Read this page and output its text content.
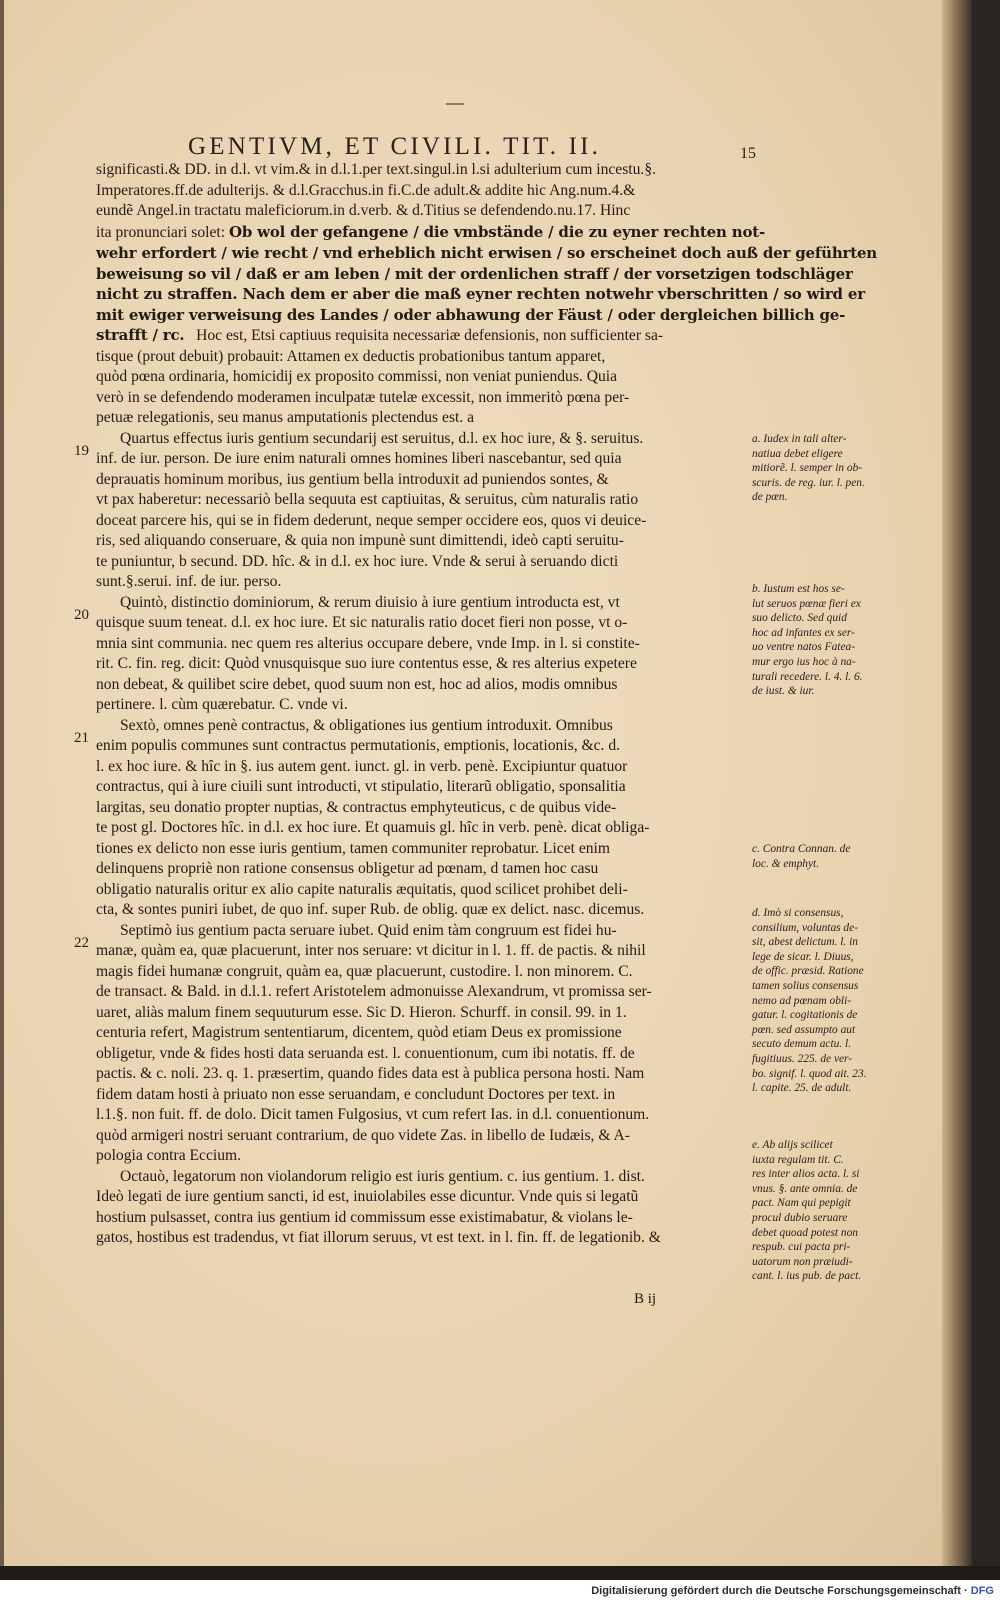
GENTIVM, ET CIVILI. TIT. II.	15
significasti.& DD. in d.l. vt vim.& in d.l.1.per text.singul.in l.si adulterium cum incestu.§.
Imperatores.ff.de adulterijs. & d.l.Gracchus.in fi.C.de adult.& addite hic Ang.num.4.&
eundẽ Angel.in tractatu maleficiorum.in d.verb. & d.Titius se defendendo.nu.17. Hinc
ita pronunciari solet: Ob wol der gefangene / die vmbstände / die zu eyner rechten not-
wehr erfordert / wie recht / vnd erheblich nicht erwisen / so erscheinet doch auß der geführten
beweisung so vil / daß er am leben / mit der ordenlichen straff / der vorsetzigen todschläger
nicht zu straffen. Nach dem er aber die maß eyner rechten notwehr vberschritten / so wird er
mit ewiger verweisung des Landes / oder abhawung der Fäust / oder dergleichen billich ge-
strafft / rc. Hoc est, Etsi captiuus requisita necessariæ defensionis, non sufficienter sa-
tisque (prout debuit) probauit: Attamen ex deductis probationibus tantum apparet,
quòd pœna ordinaria, homicidij ex proposito commissi, non veniat puniendus. Quia
verò in se defendendo moderamen inculpatæ tutelæ excessit, non immeritò pœna per-
petuæ relegationis, seu manus amputationis plectendus est. a
Quartus effectus iuris gentium secundarij est seruitus, d.l. ex hoc iure, & §. seruitus.
inf. de iur. person. De iure enim naturali omnes homines liberi nascebantur, sed quia
deprauatis hominum moribus, ius gentium bella introduxit ad puniendos sontes, &
vt pax haberetur: necessariò bella sequuta est captiuitas, & seruitus, cùm naturalis ratio
doceat parcere his, qui se in fidem dederunt, neque semper occidere eos, quos vi deuice-
ris, sed aliquando conseruare, & quia non impunè sunt dimittendi, ideò capti seruitu-
te puniuntur, b secund. DD. hîc. & in d.l. ex hoc iure. Vnde & serui à seruando dicti
sunt.§.serui. inf. de iur. perso.
Quintò, distinctio dominiorum, & rerum diuisio à iure gentium introducta est, vt
quisque suum teneat. d.l. ex hoc iure. Et sic naturalis ratio docet fieri non posse, vt o-
mnia sint communia. nec quem res alterius occupare debere, vnde Imp. in l. si constite-
rit. C. fin. reg. dicit: Quòd vnusquisque suo iure contentus esse, & res alterius expetere
non debeat, & quilibet scire debet, quod suum non est, hoc ad alios, modis omnibus
pertinere. l. cùm quærebatur. C. vnde vi.
Sextò, omnes penè contractus, & obligationes ius gentium introduxit. Omnibus
enim populis communes sunt contractus permutationis, emptionis, locationis, &c. d.
l. ex hoc iure. & hîc in §. ius autem gent. iunct. gl. in verb. penè. Excipiuntur quatuor
contractus, qui à iure ciuili sunt introducti, vt stipulatio, literarũ obligatio, sponsalitia
largitas, seu donatio propter nuptias, & contractus emphyteuticus, c de quibus vide-
te post gl. Doctores hîc. in d.l. ex hoc iure. Et quamuis gl. hîc in verb. penè. dicat obliga-
tiones ex delicto non esse iuris gentium, tamen communiter reprobatur. Licet enim
delinquens propriè non ratione consensus obligetur ad pœnam, d tamen hoc casu
obligatio naturalis oritur ex alio capite naturalis æquitatis, quod scilicet prohibet deli-
cta, & sontes puniri iubet, de quo inf. super Rub. de oblig. quæ ex delict. nasc. dicemus.
Septimò ius gentium pacta seruare iubet. Quid enim tàm congruum est fidei hu-
manæ, quàm ea, quæ placuerunt, inter nos seruare: vt dicitur in l. 1. ff. de pactis. & nihil
magis fidei humanæ congruit, quàm ea, quæ placuerunt, custodire. l. non minorem. C.
de transact. & Bald. in d.l.1. refert Aristotelem admonuisse Alexandrum, vt promissa ser-
uaret, aliàs malum finem sequuturum esse. Sic D. Hieron. Schurff. in consil. 99. in 1.
centuria refert, Magistrum sententiarum, dicentem, quòd etiam Deus ex promissione
obligetur, vnde & fides hosti data seruanda est. l. conuentionum, cum ibi notatis. ff. de
pactis. & c. noli. 23. q. 1. præsertim, quando fides data est à publica persona hosti. Nam
fidem datam hosti à priuato non esse seruandam, e concludunt Doctores per text. in
l.1.§. non fuit. ff. de dolo. Dicit tamen Fulgosius, vt cum refert Ias. in d.l. conuentionum.
quòd armigeri nostri seruant contrarium, de quo videte Zas. in libello de Iudæis, & A-
pologia contra Eccium.
Octauò, legatorum non violandorum religio est iuris gentium. c. ius gentium. 1. dist.
Ideò legati de iure gentium sancti, id est, inuiolabiles esse dicuntur. Vnde quis si legatũ
hostium pulsasset, contra ius gentium id commissum esse existimabatur, & violans le-
gatos, hostibus est tradendus, vt fiat illorum seruus, vt est text. in l. fin. ff. de legationib. &
19
20
21
22
a. Iudex in tali alter-
natiua debet eligere
mitiorẽ. l. semper in ob-
scuris. de reg. iur. l. pen.
de pœn.
b. Iustum est hos se-
lut seruos pœnæ fieri ex
suo delicto. Sed quid
hoc ad infantes ex ser-
uo ventre natos Fatea-
mur ergo ius hoc à na-
turali recedere. l. 4. l. 6.
de iust. & iur.
c. Contra Connan. de
loc. & emphyt.
d. Imò si consensus,
consilium, voluntas de-
sit, abest delictum. l. in
lege de sicar. l. Diuus,
de offic. præsid. Ratione
tamen solius consensus
nemo ad pœnam obli-
gatur. l. cogitationis de
pœn. sed assumpto aut
secuto demum actu. l.
fugitiuus. 225. de ver-
bo. signif. l. quod ait. 23.
l. capite. 25. de adult.
e. Ab alijs scilicet
iuxta regulam tit. C.
res inter alios acta. l. si
vnus. §. ante omnia. de
pact. Nam qui pepigit
procul dubio seruare
debet quoad potest non
respub. cui pacta pri-
uatorum non præiudi-
cant. l. ius pub. de pact.
B ij
Digitalisierung gefördert durch die Deutsche Forschungsgemeinschaft · DFG
